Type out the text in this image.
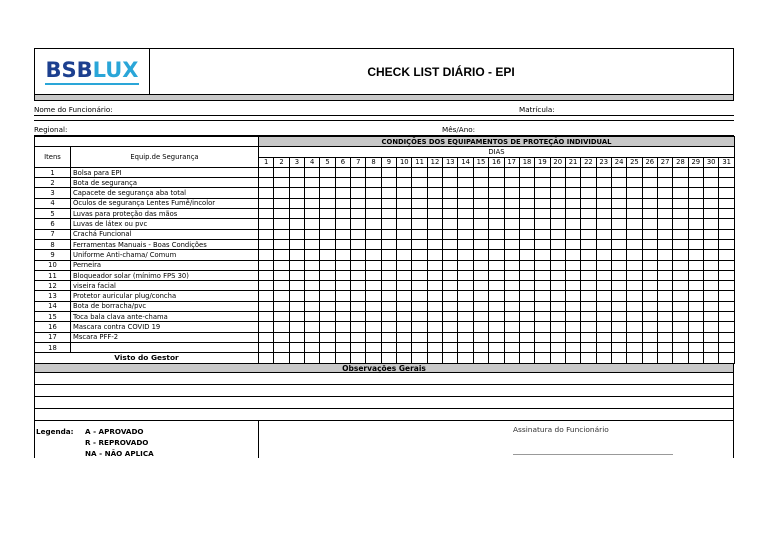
BSBLUX	CHECK LIST DIÁRIO - EPI
Nome do Funcionário:	Matrícula:
Regional:	Mês/Ano:
		CONDIÇÕES DOS EQUIPAMENTOS DE PROTEÇÃO INDIVIDUAL																														
Itens	Equip.de Segurança	DIAS																														
		1	2	3	4	5	6	7	8	9	10	11	12	13	14	15	16	17	18	19	20	21	22	23	24	25	26	27	28	29	30	31
1	Bolsa para EPI																															
2	Bota de segurança																															
3	Capacete de segurança aba total																															
4	Óculos de segurança Lentes Fumê/incolor																															
5	Luvas para proteção das mãos																															
6	Luvas de látex ou pvc																															
7	Crachá Funcional																															
8	Ferramentas Manuais - Boas Condições																															
9	Uniforme Anti-chama/ Comum																															
10	Perneira																															
11	Bloqueador solar (mínimo FPS 30)																															
12	viseira facial																															
13	Protetor auricular plug/concha																															
14	Bota de borracha/pvc																															
15	Toca bala clava ante-chama																															
16	Mascara contra COVID 19																															
17	Mscara PFF-2																															
18																																
Visto do Gestor																																
Observações Gerais
Legenda: A - APROVADO
R - REPROVADO
NA - NÃO APLICA
Assinatura do Funcionário
